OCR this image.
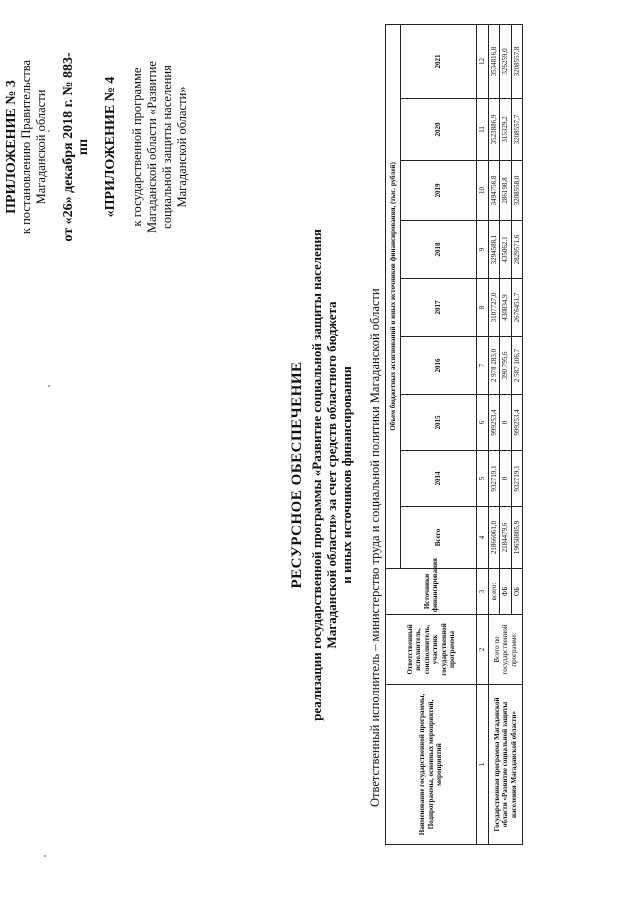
ПРИЛОЖЕНИЕ № 3 к постановлению Правительства Магаданской области от «26» декабря 2018 г. № 883-пп «ПРИЛОЖЕНИЕ № 4 к государственной программе Магаданской области «Развитие социальной защиты населения Магаданской области»
РЕСУРСНОЕ ОБЕСПЕЧЕНИЕ реализации государственной программы «Развитие социальной защиты населения Магаданской области» за счет средств областного бюджета и иных источников финансирования Ответственный исполнитель – министерство труда и социальной политики Магаданской области	Наименование государственной программы, Подпрограммы, основных мероприятий, мероприятий	Ответственный исполнитель, соисполнитель, участник государственной программы	Источники финансирования	Объем бюджетных ассигнований и иных источников финансирования, (тыс. рублей)								
			Всего	2014	2015	2016	2017	2018	2019	2020	2021
1	2	3	4	5	6	7	8	9	10	11	12
Государственная программа Магаданской области «Развитие социальной защиты населения Магаданской области»	Всего по государственной программе:	всего:	21866061,0	932719,1	999253,4	2 978 283,0	3107727,0	3294588,1	3494756,8	3523886,9	3534816,8
		ФБ	2184479,6	0	0	390 795,6	430834,9	435062,1	286198,8	315329,2	326259,0
		ОБ	19650805,9	932719,1	999253,4	2 587 106,7	2676451,7	2829571,6	3208558,0	3208557,7	3208557,8
